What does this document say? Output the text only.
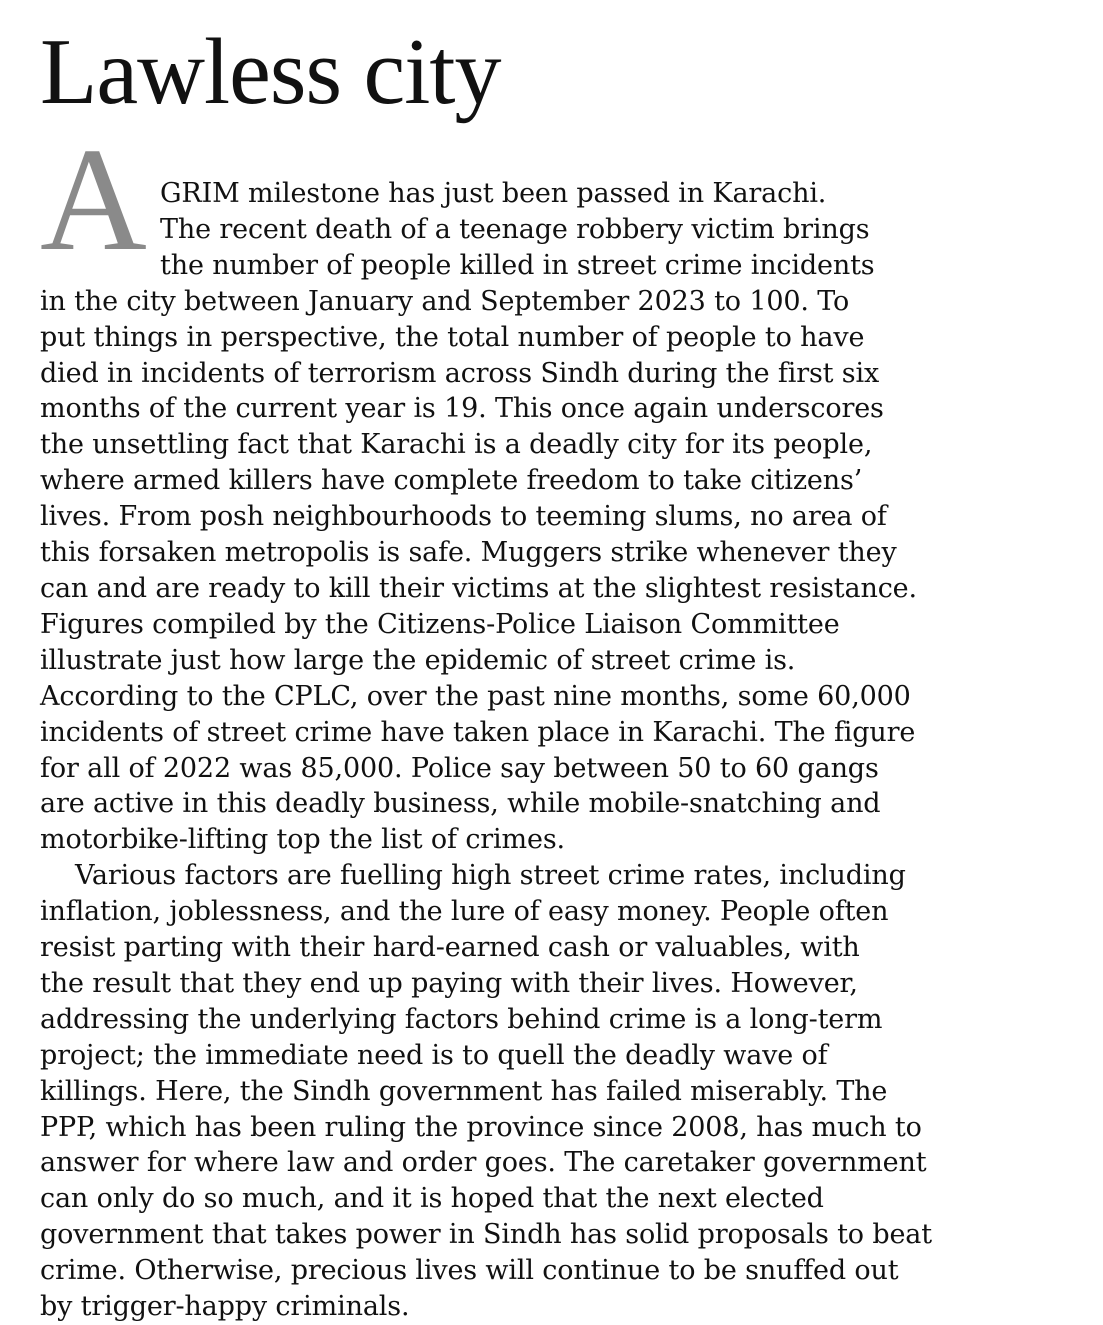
Lawless city
A GRIM milestone has just been passed in Karachi.
The recent death of a teenage robbery victim brings
the number of people killed in street crime incidents
in the city between January and September 2023 to 100. To
put things in perspective, the total number of people to have
died in incidents of terrorism across Sindh during the first six
months of the current year is 19. This once again underscores
the unsettling fact that Karachi is a deadly city for its people,
where armed killers have complete freedom to take citizens’
lives. From posh neighbourhoods to teeming slums, no area of
this forsaken metropolis is safe. Muggers strike whenever they
can and are ready to kill their victims at the slightest resistance.
Figures compiled by the Citizens-Police Liaison Committee
illustrate just how large the epidemic of street crime is.
According to the CPLC, over the past nine months, some 60,000
incidents of street crime have taken place in Karachi. The figure
for all of 2022 was 85,000. Police say between 50 to 60 gangs
are active in this deadly business, while mobile-snatching and
motorbike-lifting top the list of crimes.
Various factors are fuelling high street crime rates, including
inflation, joblessness, and the lure of easy money. People often
resist parting with their hard-earned cash or valuables, with
the result that they end up paying with their lives. However,
addressing the underlying factors behind crime is a long-term
project; the immediate need is to quell the deadly wave of
killings. Here, the Sindh government has failed miserably. The
PPP, which has been ruling the province since 2008, has much to
answer for where law and order goes. The caretaker government
can only do so much, and it is hoped that the next elected
government that takes power in Sindh has solid proposals to beat
crime. Otherwise, precious lives will continue to be snuffed out
by trigger-happy criminals.
